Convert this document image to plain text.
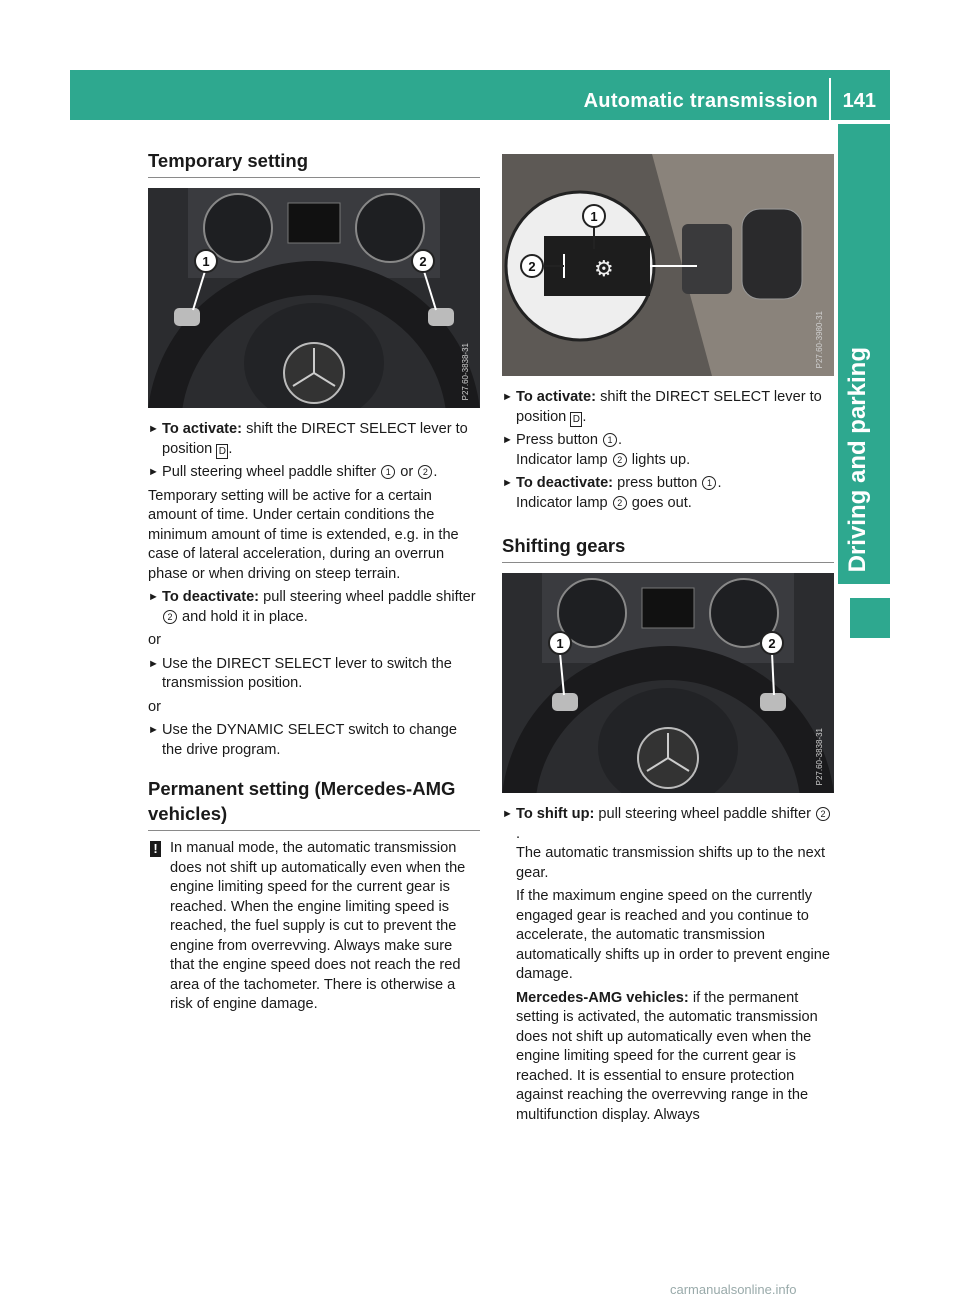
Automatic transmission 141
Driving and parking
Temporary setting
1	2
P27.60-3838-31
► To activate: shift the DIRECT SELECT lever to position D .
► Pull steering wheel paddle shifter 1 or 2 .

Temporary setting will be active for a certain amount of time. Under certain conditions the minimum amount of time is extended, e.g. in the case of lateral acceleration, during an overrun phase or when driving on steep terrain.

► To deactivate: pull steering wheel paddle shifter 2 and hold it in place.

or

► Use the DIRECT SELECT lever to switch the transmission position.

or

► Use the DYNAMIC SELECT switch to change the drive program.
Permanent setting (Mercedes-AMG vehicles)
! In manual mode, the automatic transmission does not shift up automatically even when the engine limiting speed for the current gear is reached. When the engine limiting speed is reached, the fuel supply is cut to prevent the engine from overrevving. Always make sure that the engine speed does not reach the red area of the tachometer. There is otherwise a risk of engine damage.
⚙
1
2
P27.60-3980-31
► To activate: shift the DIRECT SELECT lever to position D .
► Press button 1 .
Indicator lamp 2 lights up.
► To deactivate: press button 1 .
Indicator lamp 2 goes out.
Shifting gears
1	2
P27.60-3838-31
► To shift up: pull steering wheel paddle shifter 2.
The automatic transmission shifts up to the next gear.

If the maximum engine speed on the currently engaged gear is reached and you continue to accelerate, the automatic transmission automatically shifts up in order to prevent engine damage.

Mercedes-AMG vehicles: if the permanent setting is activated, the automatic transmission does not shift up automatically even when the engine limiting speed for the current gear is reached. It is essential to ensure protection against reaching the overrevving range in the multifunction display. Always

carmanualsonline.info
